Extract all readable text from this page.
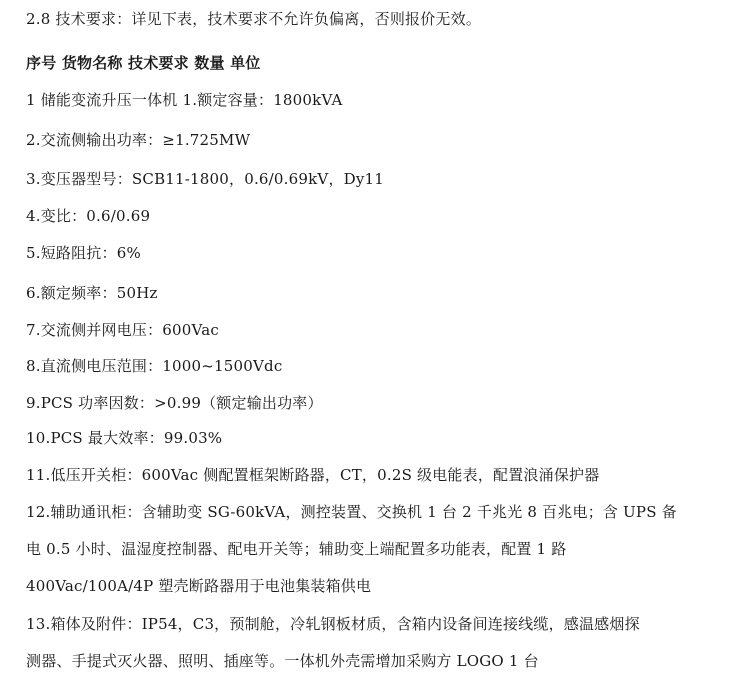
2.8 技术要求：详见下表，技术要求不允许负偏离，否则报价无效。
序号 货物名称 技术要求 数量 单位
1 储能变流升压一体机 1.额定容量：1800kVA
2.交流侧输出功率：≥1.725MW
3.变压器型号：SCB11-1800，0.6/0.69kV，Dy11
4.变比：0.6/0.69
5.短路阻抗：6%
6.额定频率：50Hz
7.交流侧并网电压：600Vac
8.直流侧电压范围：1000~1500Vdc
9.PCS 功率因数：>0.99（额定输出功率）
10.PCS 最大效率：99.03%
11.低压开关柜：600Vac 侧配置框架断路器，CT，0.2S 级电能表，配置浪涌保护器
12.辅助通讯柜：含辅助变 SG-60kVA，测控装置、交换机 1 台 2 千兆光 8 百兆电；含 UPS 备
电 0.5 小时、温湿度控制器、配电开关等；辅助变上端配置多功能表，配置 1 路
400Vac/100A/4P 塑壳断路器用于电池集装箱供电
13.箱体及附件：IP54，C3，预制舱，冷轧钢板材质，含箱内设备间连接线缆，感温感烟探
测器、手提式灭火器、照明、插座等。一体机外壳需增加采购方 LOGO 1 台
